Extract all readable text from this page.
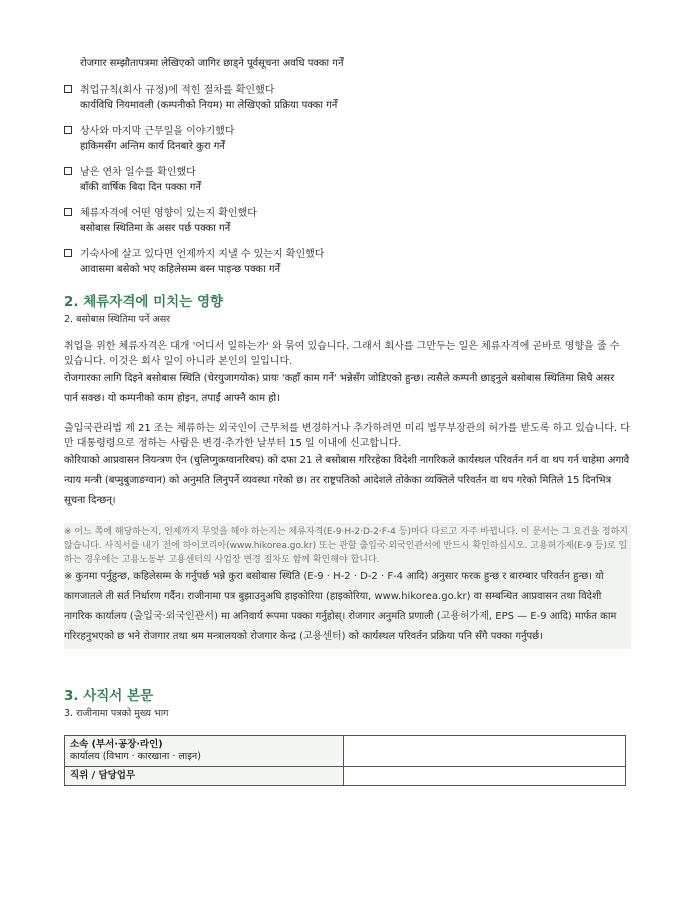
रोजगार सम्झौतापत्रमा लेखिएको जागिर छाड्ने पूर्वसूचना अवधि पक्का गर्नें
취업규칙(회사 규정)에 적힌 절차를 확인했다
कार्यविधि नियमावली (कम्पनीको नियम) मा लेखिएको प्रक्रिया पक्का गर्नें
상사와 마지막 근무일을 이야기했다
हाकिमसँग अन्तिम कार्य दिनबारे कुरा गर्नें
남은 연차 일수를 확인했다
बाँकी वार्षिक बिदा दिन पक्का गर्नें
체류자격에 어떤 영향이 있는지 확인했다
बसोबास स्थितिमा के असर पर्छ पक्का गर्नें
기숙사에 살고 있다면 언제까지 지낼 수 있는지 확인했다
आवासमा बसेको भए कहिलेसम्म बस्न पाइन्छ पक्का गर्नें
2. 체류자격에 미치는 영향
2. बसोबास स्थितिमा पर्ने असर
취업을 위한 체류자격은 대개 '어디서 일하는가' 와 묶여 있습니다. 그래서 회사를 그만두는 일은 체류자격에 곧바로 영향을 줄 수 있습니다. 이것은 회사 일이 아니라 본인의 일입니다.
रोजगारका लागि दिइने बसोबास स्थिति (चेरयुजागयोक) प्रायः 'कहाँ काम गर्ने' भन्नेसँग जोडिएको हुन्छ। त्यसैले कम्पनी छाड्नुले बसोबास स्थितिमा सिधै असर पार्न सक्छ। यो कम्पनीको काम होइन, तपाईं आफ्नै काम हो।
출입국관리법 제 21 조는 체류하는 외국인이 근무처를 변경하거나 추가하려면 미리 법무부장관의 허가를 받도록 하고 있습니다. 다만 대통령령으로 정하는 사람은 변경·추가한 날부터 15 일 이내에 신고합니다.
कोरियाको आप्रवासन नियन्त्रण ऐन (चुलिप्गुकग्वानरिबप) को दफा 21 ले बसोबास गरिरहेका विदेशी नागरिकले कार्यस्थल परिवर्तन गर्न वा थप गर्न चाहेमा अगावै न्याय मन्त्री (बप्मुबुजाङग्वान) को अनुमति लिनुपर्ने व्यवस्था गरेको छ। तर राष्ट्रपतिको आदेशले तोकेका व्यक्तिले परिवर्तन वा थप गरेको मितिले 15 दिनभित्र सूचना दिन्छन्।
※ 어느 쪽에 해당하는지, 언제까지 무엇을 해야 하는지는 체류자격(E-9·H-2·D-2·F-4 등)마다 다르고 자주 바뀝니다. 이 문서는 그 요건을 정하지 않습니다. 사직서를 내기 전에 하이코리아(www.hikorea.go.kr) 또는 관할 출입국·외국인관서에 반드시 확인하십시오. 고용허가제(E-9 등)로 일하는 경우에는 고용노동부 고용센터의 사업장 변경 절차도 함께 확인해야 합니다.
※ कुनमा पर्नुहुन्छ, कहिलेसम्म के गर्नुपर्छ भन्ने कुरा बसोबास स्थिति (E-9 · H-2 · D-2 · F-4 आदि) अनुसार फरक हुन्छ र बारम्बार परिवर्तन हुन्छ। यो कागजातले ती सर्त निर्धारण गर्दैन। राजीनामा पत्र बुझाउनुअघि हाइकोरिया (हाइकोरिया, www.hikorea.go.kr) वा सम्बन्धित आप्रवासन तथा विदेशी नागरिक कार्यालय (출입국·외국인관서) मा अनिवार्य रूपमा पक्का गर्नुहोस्। रोजगार अनुमति प्रणाली (고용허가제, EPS — E-9 आदि) मार्फत काम गरिरहनुभएको छ भने रोजगार तथा श्रम मन्त्रालयको रोजगार केन्द्र (고용센터) को कार्यस्थल परिवर्तन प्रक्रिया पनि सँगै पक्का गर्नुपर्छ।
3. 사직서 본문
3. राजीनामा पत्रको मुख्य भाग
소속 (부서·공장·라인)
कार्यालय (विभाग · कारखाना · लाइन)	

직위 / 담당업무	
